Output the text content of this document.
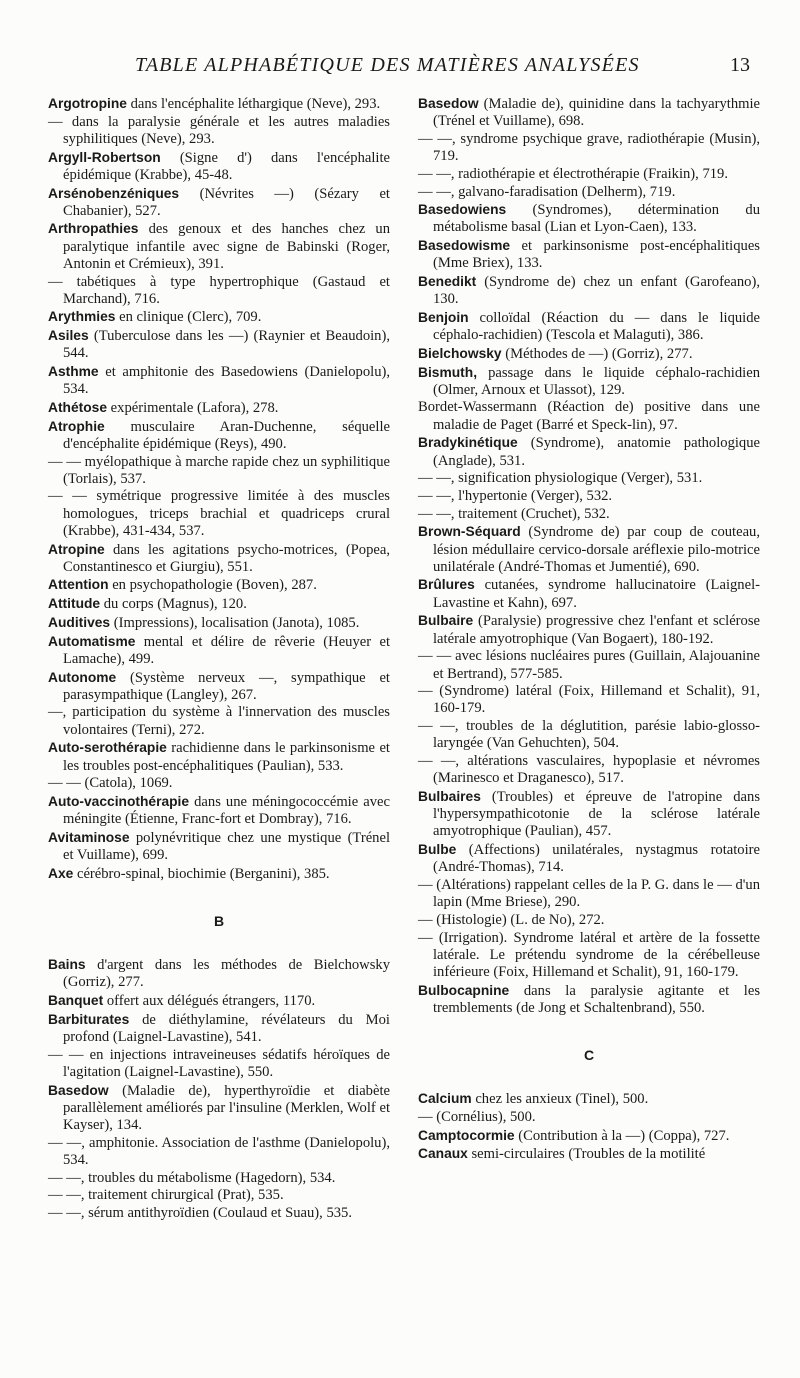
TABLE ALPHABÉTIQUE DES MATIÈRES ANALYSÉES	13
Argotropine dans l'encéphalite léthargique (Neve), 293.
— dans la paralysie générale et les autres maladies syphilitiques (Neve), 293.
Argyll-Robertson (Signe d') dans l'encéphalite épidémique (Krabbe), 45-48.
Arsénobenzéniques (Névrites —) (Sézary et Chabanier), 527.
Arthropathies des genoux et des hanches chez un paralytique infantile avec signe de Babinski (Roger, Antonin et Crémieux), 391.
— tabétiques à type hypertrophique (Gastaud et Marchand), 716.
Arythmies en clinique (Clerc), 709.
Asiles (Tuberculose dans les —) (Raynier et Beaudoin), 544.
Asthme et amphitonie des Basedowiens (Danielopolu), 534.
Athétose expérimentale (Lafora), 278.
Atrophie musculaire Aran-Duchenne, séquelle d'encéphalite épidémique (Reys), 490.
— — myélopathique à marche rapide chez un syphilitique (Torlais), 537.
— — symétrique progressive limitée à des muscles homologues, triceps brachial et quadriceps crural (Krabbe), 431-434, 537.
Atropine dans les agitations psycho-motrices, (Popea, Constantinesco et Giurgiu), 551.
Attention en psychopathologie (Boven), 287.
Attitude du corps (Magnus), 120.
Auditives (Impressions), localisation (Janota), 1085.
Automatisme mental et délire de rêverie (Heuyer et Lamache), 499.
Autonome (Système nerveux —, sympathique et parasympathique (Langley), 267.
—, participation du système à l'innervation des muscles volontaires (Terni), 272.
Auto-serothérapie rachidienne dans le parkinsonisme et les troubles post-encéphalitiques (Paulian), 533.
— — (Catola), 1069.
Auto-vaccinothérapie dans une méningococcémie avec méningite (Étienne, Franc-fort et Dombray), 716.
Avitaminose polynévritique chez une mystique (Trénel et Vuillame), 699.
Axe cérébro-spinal, biochimie (Berganini), 385.
B
Bains d'argent dans les méthodes de Bielchowsky (Gorriz), 277.
Banquet offert aux délégués étrangers, 1170.
Barbiturates de diéthylamine, révélateurs du Moi profond (Laignel-Lavastine), 541.
— — en injections intraveineuses sédatifs héroïques de l'agitation (Laignel-Lavastine), 550.
Basedow (Maladie de), hyperthyroïdie et diabète parallèlement améliorés par l'insuline (Merklen, Wolf et Kayser), 134.
— —, amphitonie. Association de l'asthme (Danielopolu), 534.
— —, troubles du métabolisme (Hagedorn), 534.
— —, traitement chirurgical (Prat), 535.
— —, sérum antithyroïdien (Coulaud et Suau), 535.
Basedow (Maladie de), quinidine dans la tachyarythmie (Trénel et Vuillame), 698.
— —, syndrome psychique grave, radiothérapie (Musin), 719.
— —, radiothérapie et électrothérapie (Fraikin), 719.
— —, galvano-faradisation (Delherm), 719.
Basedowiens (Syndromes), détermination du métabolisme basal (Lian et Lyon-Caen), 133.
Basedowisme et parkinsonisme post-encéphalitiques (Mme Briex), 133.
Benedikt (Syndrome de) chez un enfant (Garofeano), 130.
Benjoin colloïdal (Réaction du — dans le liquide céphalo-rachidien) (Tescola et Malaguti), 386.
Bielchowsky (Méthodes de —) (Gorriz), 277.
Bismuth, passage dans le liquide céphalo-rachidien (Olmer, Arnoux et Ulassot), 129.
Bordet-Wassermann (Réaction de) positive dans une maladie de Paget (Barré et Speck-lin), 97.
Bradykinétique (Syndrome), anatomie pathologique (Anglade), 531.
— —, signification physiologique (Verger), 531.
— —, l'hypertonie (Verger), 532.
— —, traitement (Cruchet), 532.
Brown-Séquard (Syndrome de) par coup de couteau, lésion médullaire cervico-dorsale aréflexie pilo-motrice unilatérale (André-Thomas et Jumentié), 690.
Brûlures cutanées, syndrome hallucinatoire (Laignel-Lavastine et Kahn), 697.
Bulbaire (Paralysie) progressive chez l'enfant et sclérose latérale amyotrophique (Van Bogaert), 180-192.
— — avec lésions nucléaires pures (Guillain, Alajouanine et Bertrand), 577-585.
— (Syndrome) latéral (Foix, Hillemand et Schalit), 91, 160-179.
— —, troubles de la déglutition, parésie labio-glosso-laryngée (Van Gehuchten), 504.
— —, altérations vasculaires, hypoplasie et névromes (Marinesco et Draganesco), 517.
Bulbaires (Troubles) et épreuve de l'atropine dans l'hypersympathicotonie de la sclérose latérale amyotrophique (Paulian), 457.
Bulbe (Affections) unilatérales, nystagmus rotatoire (André-Thomas), 714.
— (Altérations) rappelant celles de la P. G. dans le — d'un lapin (Mme Briese), 290.
— (Histologie) (L. de No), 272.
— (Irrigation). Syndrome latéral et artère de la fossette latérale. Le prétendu syndrome de la cérébelleuse inférieure (Foix, Hillemand et Schalit), 91, 160-179.
Bulbocapnine dans la paralysie agitante et les tremblements (de Jong et Schaltenbrand), 550.
C
Calcium chez les anxieux (Tinel), 500.
— (Cornélius), 500.
Camptocormie (Contribution à la —) (Coppa), 727.
Canaux semi-circulaires (Troubles de la motilité
